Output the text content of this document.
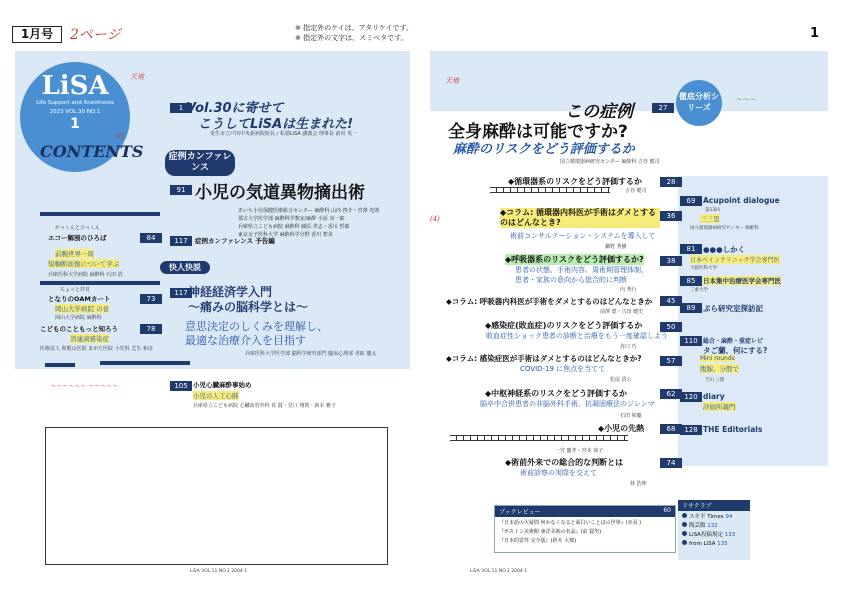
1月号	2ページ	※ 指定外のケイは、アタリケイです。
※ 指定外の文字は、スミベタです。	1
LiSA
Life Support and Anesthesia
2023 VOL.30 NO.1
1
CONTENTS
1 Vol.30に寄せて
こうしてLiSAは生まれた!
兎生市立戸田中央新病院院長 / 私塾LiSA 講義会 理事長 前田 英一
症例カンファレンス
91 小児の気道異物摘出術
あいち小児保健医療総合センター 麻酔科 山内 啓介・宮澤 光則
那古大学医学部 麻酔科学教室/麻酔 小原 亮一郎
兵庫県立こども病院 麻酔科 藤原 孝志・香川 哲郎
東京女子医科大学 麻酔科学分野 香川 智美
117	症例カンファレンス 予告編
快人快説
117 神経経済学入門
〜痛みの脳科学とは〜
意思決定のしくみを理解し、
最適な治療介入を目指す
兵庫医科大学医学部 脳科学研究部門 臨床心理部 香取 慶太
105 小児心臓麻酔事始め
小児の人工心肺
兵庫県立こども病院 心臓血管外科 真 賢・堂口 翔則・新本 雅子
がっくんとひっくん
エコー解剖のひろば	84
前腕世界一周
短軸断面像について学ぶ
兵庫医科大学病院 麻酔科 石田 浩
ちょっと拝見
となりのOAMカート	73
岡山大学病院 の巻
岡山大学病院 麻酔科
こどものこともっと知ろう	78
溶連菌感染症
医療法人 和歌山医院 まがた医院 小児科 芝生 和彦
天地
(4)
〜〜〜〜〜〜 〜〜〜〜〜
LiSA VOL.11 NO.1 2004-1
徹底分析シリーズ
27
この症例
全身麻酔は可能ですか?
麻酔のリスクをどう評価するか
国立循環器病研究センター 麻酔科 吉谷 健司
28
◆循環器系のリスクをどう評価するか
吉谷 健司
36
◆コラム: 循環器内科医が手術はダメとするのはどんなとき?
術前コンサルテーション・システムを導入して
鎌野 秀樹
38
◆呼吸器系のリスクをどう評価するか?
患者の状態、手術内容、周術期管理体制、
患者・家族の意向から総合的に判断
内 秀行
45
◆コラム: 呼吸器内科医が手術をダメとするのはどんなときか
前澤 寛・吉田 健史
50
◆感染症(敗血症)のリスクをどう評価するか
敗血症性ショック患者の診断と治療をもう一度確認しよう
谷口 巧
57
◆コラム: 感染症医が手術はダメとするのはどんなときか?
COVID-19 に焦点を当てて
松尾 貴公
62
◆中枢神経系のリスクをどう評価するか
脳卒中合併患者の非脳外科手術、抗凝固療法のジレンマ
石田 和慶
68
◆小児の先熱
一宮 慶孝・宮本 恭子
74
◆術前外来での総合的な判断とは
術前診察の実際を交えて
林 浩伸
69	Acupoint dialogue
第13回
三三里
国立循環器病研究センター 麻酔科
81	●●●しかく
日本ペインクリニック学会専門医
大阪医科大学
85	日本集中治療医学会専門医
三重大学
89	ぷら研究室探訪記
110 総合・麻酔・重症レビ
タご蘭、何にする?
Mini rounds
腹腺、分散で
吉川 三郎
120 diary
評価所義門
128 THE Editorials
ブックレビュー	60
『日本語の大疑問 何かなくなると面白いことばの世界』(赤羽 )
『ポストン美術館 東洋美術の名品』(前 賢男)
『日本的霊性 完全版』(鈴木 大拙)
リサクラブ
スキ半 Times 94
陶芸館 132
LiSA投稿規定 133
from LiSA 135
LiSA VOL.11 NO.1 2004-1
天地
〜〜〜
(4)
